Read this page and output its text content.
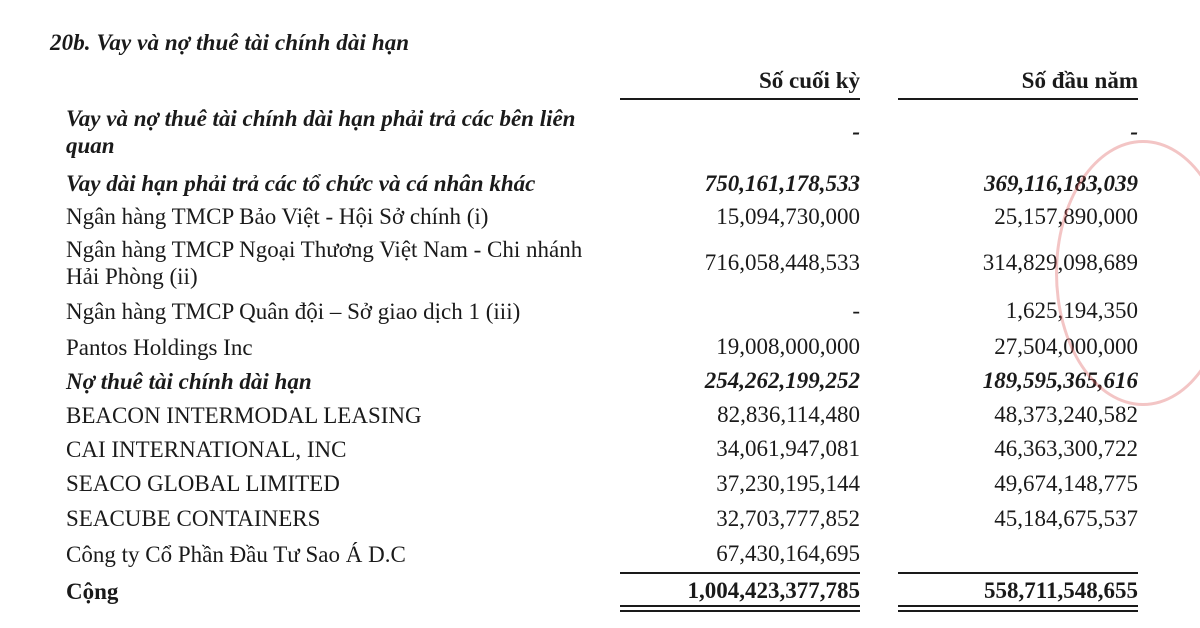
20b. Vay và nợ thuê tài chính dài hạn
Số cuối kỳ	Số đầu năm
Vay và nợ thuê tài chính dài hạn phải trả các bên liên quan		-		-
Vay dài hạn phải trả các tổ chức và cá nhân khác		750,161,178,533		369,116,183,039
Ngân hàng TMCP Bảo Việt - Hội Sở chính (i)		15,094,730,000		25,157,890,000
Ngân hàng TMCP Ngoại Thương Việt Nam - Chi nhánh Hải Phòng (ii)		716,058,448,533		314,829,098,689
Ngân hàng TMCP Quân đội – Sở giao dịch 1 (iii)		-		1,625,194,350
Pantos Holdings Inc		19,008,000,000		27,504,000,000
Nợ thuê tài chính dài hạn		254,262,199,252		189,595,365,616
BEACON INTERMODAL LEASING		82,836,114,480		48,373,240,582
CAI INTERNATIONAL, INC		34,061,947,081		46,363,300,722
SEACO GLOBAL LIMITED		37,230,195,144		49,674,148,775
SEACUBE CONTAINERS		32,703,777,852		45,184,675,537
Công ty Cổ Phần Đầu Tư Sao Á D.C		67,430,164,695		
Cộng		1,004,423,377,785		558,711,548,655
